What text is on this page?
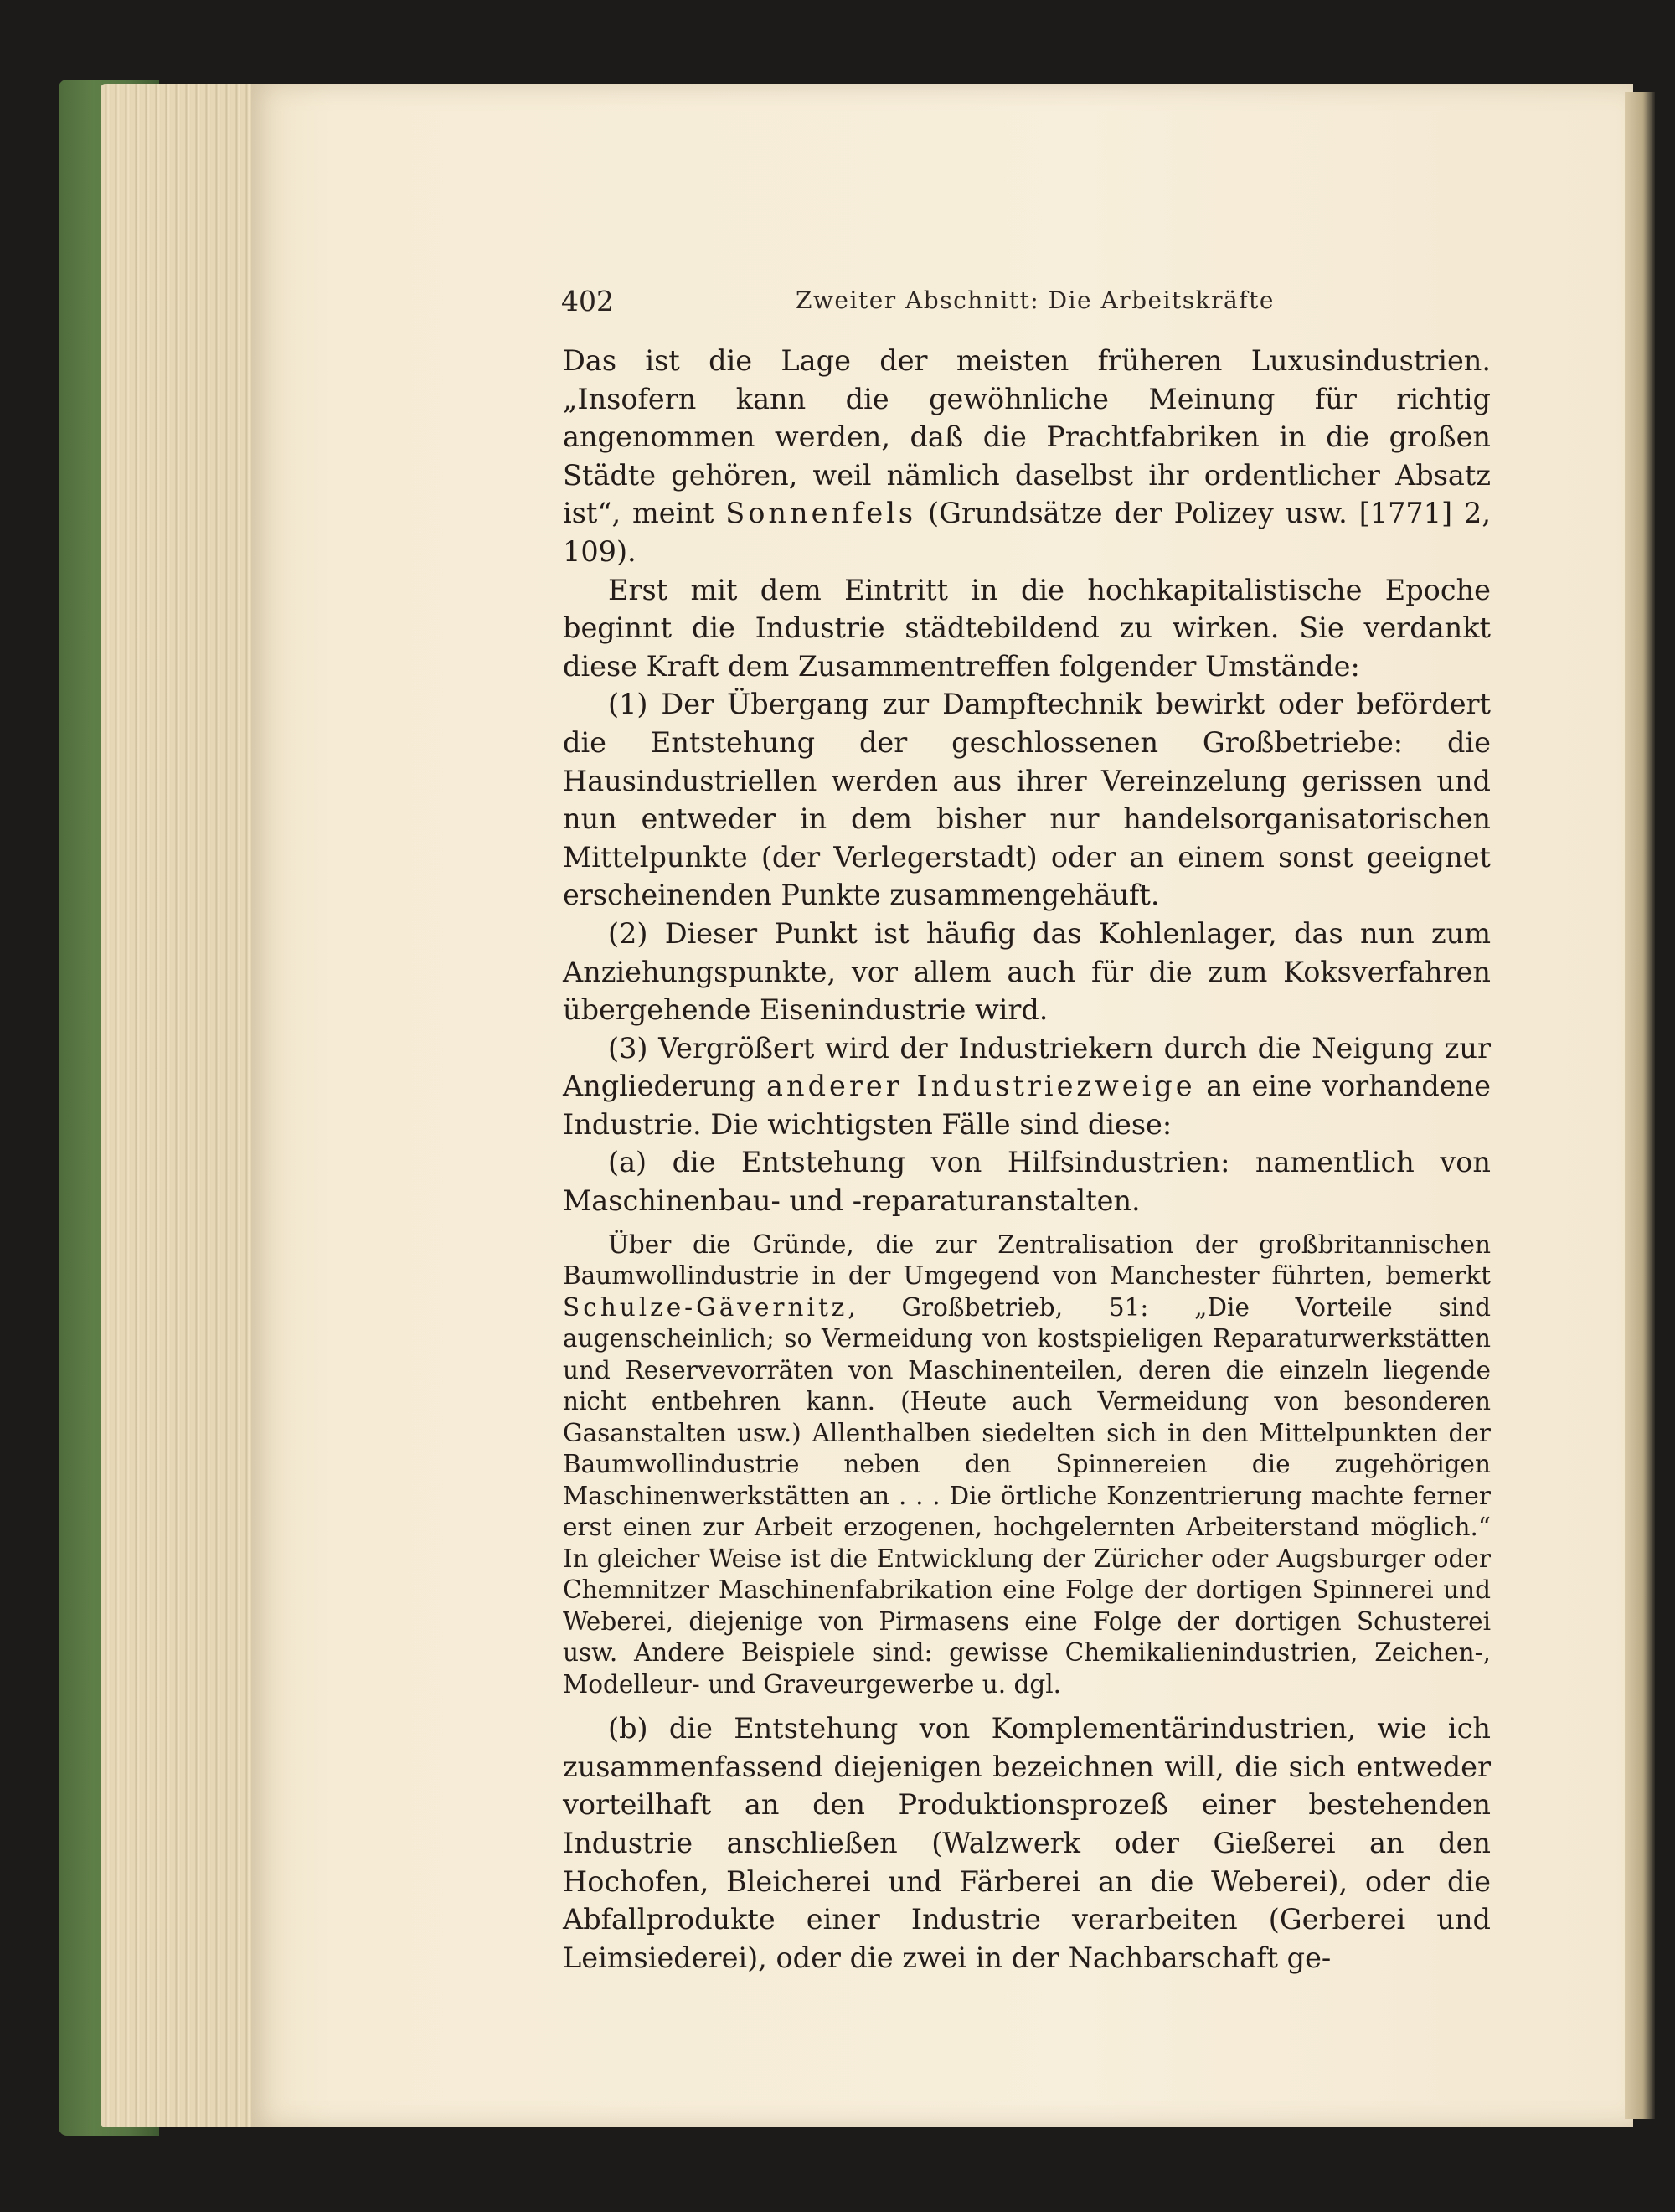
402	Zweiter Abschnitt: Die Arbeitskräfte

Das ist die Lage der meisten früheren Luxusindustrien. „Insofern kann die gewöhnliche Meinung für richtig angenommen werden, daß die Prachtfabriken in die großen Städte gehören, weil nämlich daselbst ihr ordentlicher Absatz ist“, meint Sonnenfels (Grundsätze der Polizey usw. [1771] 2, 109).

Erst mit dem Eintritt in die hochkapitalistische Epoche beginnt die Industrie städtebildend zu wirken. Sie verdankt diese Kraft dem Zusammentreffen folgender Umstände:

(1) Der Übergang zur Dampftechnik bewirkt oder befördert die Entstehung der geschlossenen Großbetriebe: die Hausindustriellen werden aus ihrer Vereinzelung gerissen und nun entweder in dem bisher nur handelsorganisatorischen Mittelpunkte (der Verlegerstadt) oder an einem sonst geeignet erscheinenden Punkte zusammengehäuft.

(2) Dieser Punkt ist häufig das Kohlenlager, das nun zum Anziehungspunkte, vor allem auch für die zum Koksverfahren übergehende Eisenindustrie wird.

(3) Vergrößert wird der Industriekern durch die Neigung zur Angliederung anderer Industriezweige an eine vorhandene Industrie. Die wichtigsten Fälle sind diese:

(a) die Entstehung von Hilfsindustrien: namentlich von Maschinenbau- und -reparaturanstalten.

Über die Gründe, die zur Zentralisation der großbritannischen Baumwollindustrie in der Umgegend von Manchester führten, bemerkt Schulze-Gävernitz, Großbetrieb, 51: „Die Vorteile sind augenscheinlich; so Vermeidung von kostspieligen Reparaturwerkstätten und Reservevorräten von Maschinenteilen, deren die einzeln liegende nicht entbehren kann. (Heute auch Vermeidung von besonderen Gasanstalten usw.) Allenthalben siedelten sich in den Mittelpunkten der Baumwollindustrie neben den Spinnereien die zugehörigen Maschinenwerkstätten an . . . Die örtliche Konzentrierung machte ferner erst einen zur Arbeit erzogenen, hochgelernten Arbeiterstand möglich.“ In gleicher Weise ist die Entwicklung der Züricher oder Augsburger oder Chemnitzer Maschinenfabrikation eine Folge der dortigen Spinnerei und Weberei, diejenige von Pirmasens eine Folge der dortigen Schusterei usw. Andere Beispiele sind: gewisse Chemikalienindustrien, Zeichen-, Modelleur- und Graveurgewerbe u. dgl.

(b) die Entstehung von Komplementärindustrien, wie ich zusammenfassend diejenigen bezeichnen will, die sich entweder vorteilhaft an den Produktionsprozeß einer bestehenden Industrie anschließen (Walzwerk oder Gießerei an den Hochofen, Bleicherei und Färberei an die Weberei), oder die Abfallprodukte einer Industrie verarbeiten (Gerberei und Leimsiederei), oder die zwei in der Nachbarschaft ge-
